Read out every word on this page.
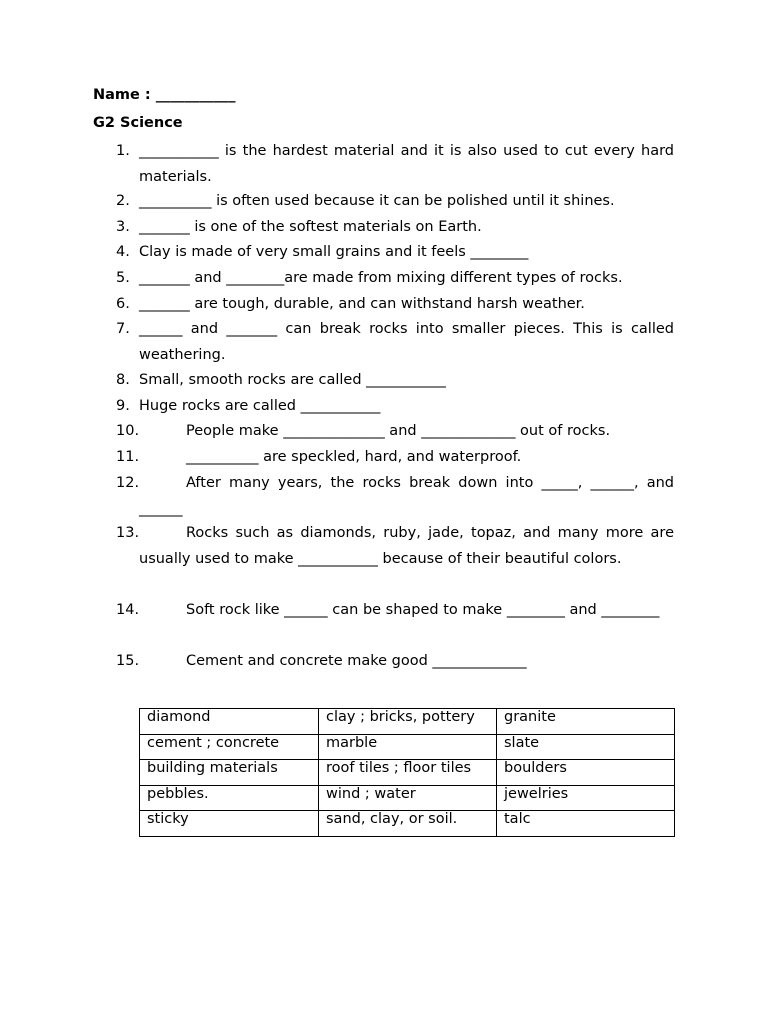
Name : ___________
G2 Science
1. ___________ is the hardest material and it is also used to cut every hard materials.
2. __________ is often used because it can be polished until it shines.
3. _______ is one of the softest materials on Earth.
4. Clay is made of very small grains and it feels ________
5. _______ and ________are made from mixing different types of rocks.
6. _______ are tough, durable, and can withstand harsh weather.
7. ______ and _______ can break rocks into smaller pieces. This is called weathering.
8. Small, smooth rocks are called ___________
9. Huge rocks are called ___________
10.	People make ______________ and _____________ out of rocks.
11.	__________ are speckled, hard, and waterproof.
12.	After many years, the rocks break down into _____, ______, and ______
13.	Rocks such as diamonds, ruby, jade, topaz, and many more are usually used to make ___________ because of their beautiful colors.
14.	Soft rock like ______ can be shaped to make ________ and ________
15.	Cement and concrete make good _____________
diamond	clay ; bricks, pottery	granite
cement ; concrete	marble	slate
building materials	roof tiles ; floor tiles	boulders
pebbles.	wind ; water	jewelries
sticky	sand, clay, or soil.	talc
